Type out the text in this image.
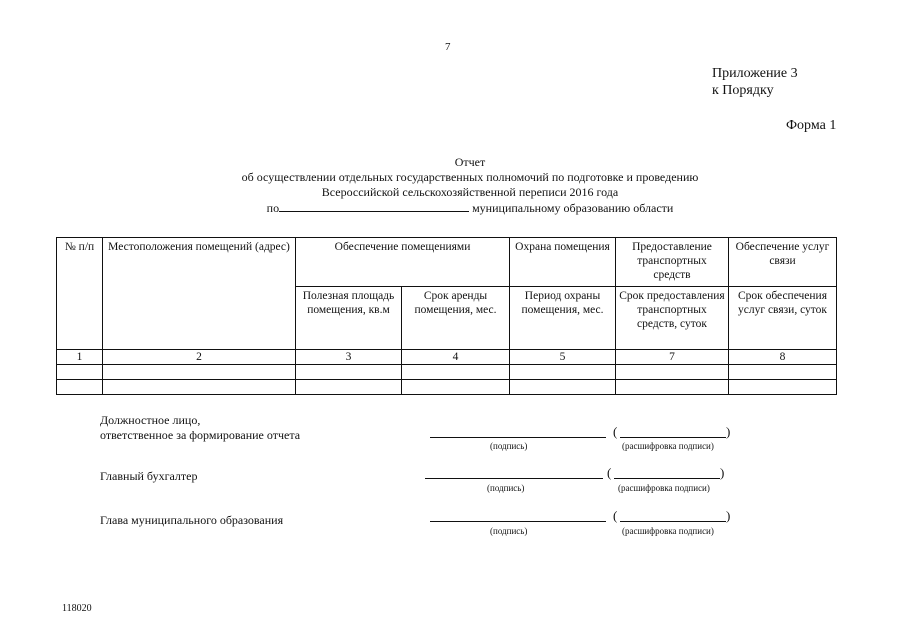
7
Приложение 3
к Порядку
Форма 1
Отчет
об осуществлении отдельных государственных полномочий по подготовке и проведению
Всероссийской сельскохозяйственной переписи 2016 года
по	муниципальному образованию области
№ п/п	Местоположения помещений (адрес)	Обеспечение помещениями		Охрана помещения	Предоставление транспортных средств	Обеспечение услуг связи
		Полезная площадь помещения, кв.м	Срок аренды помещения, мес.	Период охраны помещения, мес.	Срок предоставления транспортных средств, суток	Срок обеспечения услуг связи, суток
1	2	3	4	5	7	8

Должностное лицо,
ответственное за формирование отчета
(подпись)
(	)
(расшифровка подписи)
Главный бухгалтер
(подпись)
(	)
(расшифровка подписи)
Глава муниципального образования
(подпись)
(	)
(расшифровка подписи)
118020
